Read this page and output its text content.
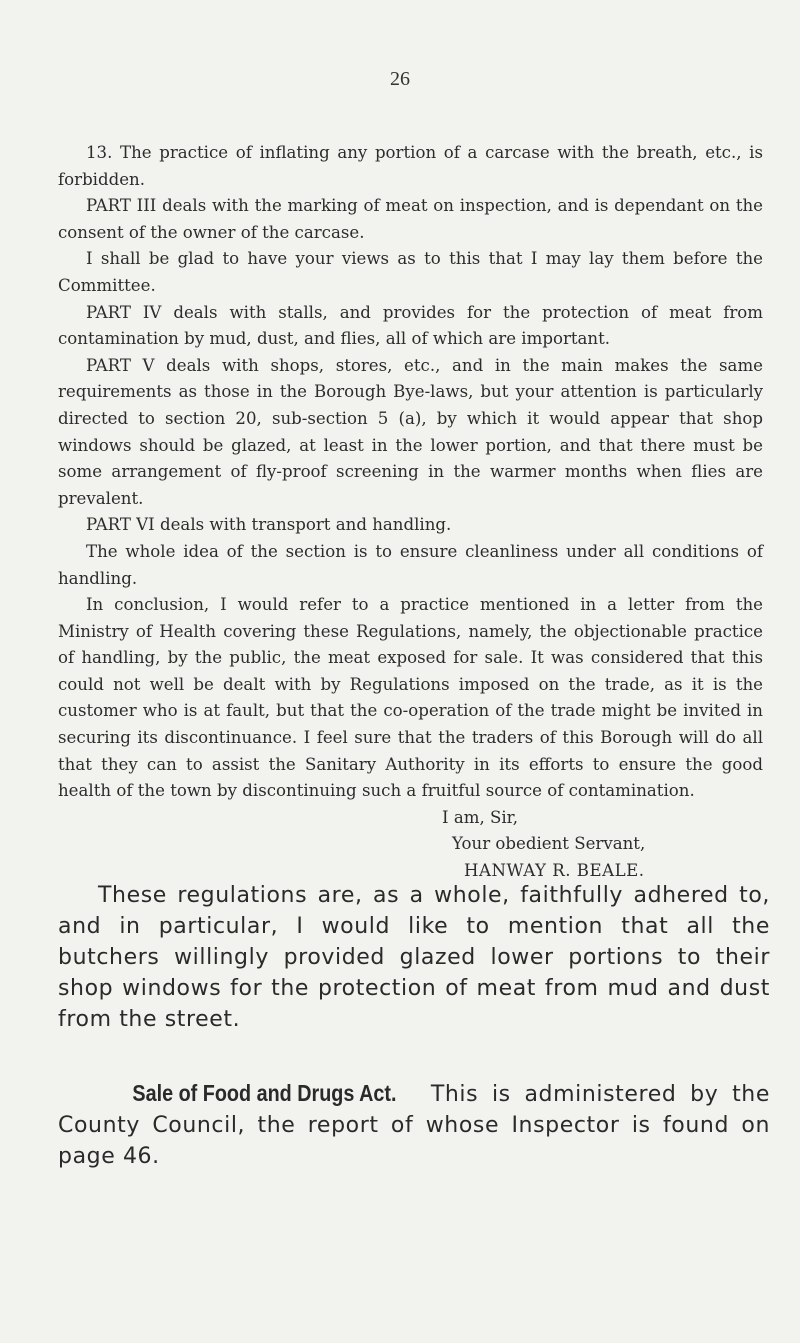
26

13. The practice of inflating any portion of a carcase with the breath, etc., is forbidden.

PART III deals with the marking of meat on inspection, and is dependant on the consent of the owner of the carcase.

I shall be glad to have your views as to this that I may lay them before the Committee.

PART IV deals with stalls, and provides for the protection of meat from contamination by mud, dust, and flies, all of which are important.

PART V deals with shops, stores, etc., and in the main makes the same requirements as those in the Borough Bye-laws, but your attention is particularly directed to section 20, sub-section 5 (a), by which it would appear that shop windows should be glazed, at least in the lower portion, and that there must be some arrangement of fly-proof screening in the warmer months when flies are prevalent.

PART VI deals with transport and handling.

The whole idea of the section is to ensure cleanliness under all conditions of handling.

In conclusion, I would refer to a practice mentioned in a letter from the Ministry of Health covering these Regulations, namely, the objectionable practice of handling, by the public, the meat exposed for sale. It was considered that this could not well be dealt with by Regulations imposed on the trade, as it is the customer who is at fault, but that the co-operation of the trade might be invited in securing its discontinuance. I feel sure that the traders of this Borough will do all that they can to assist the Sanitary Authority in its efforts to ensure the good health of the town by discontinuing such a fruitful source of contamination.

I am, Sir,
Your obedient Servant,
HANWAY R. BEALE.

These regulations are, as a whole, faithfully adhered to, and in particular, I would like to mention that all the butchers willingly provided glazed lower portions to their shop windows for the protection of meat from mud and dust from the street.

Sale of Food and Drugs Act. This is administered by the County Council, the report of whose Inspector is found on page 46.
